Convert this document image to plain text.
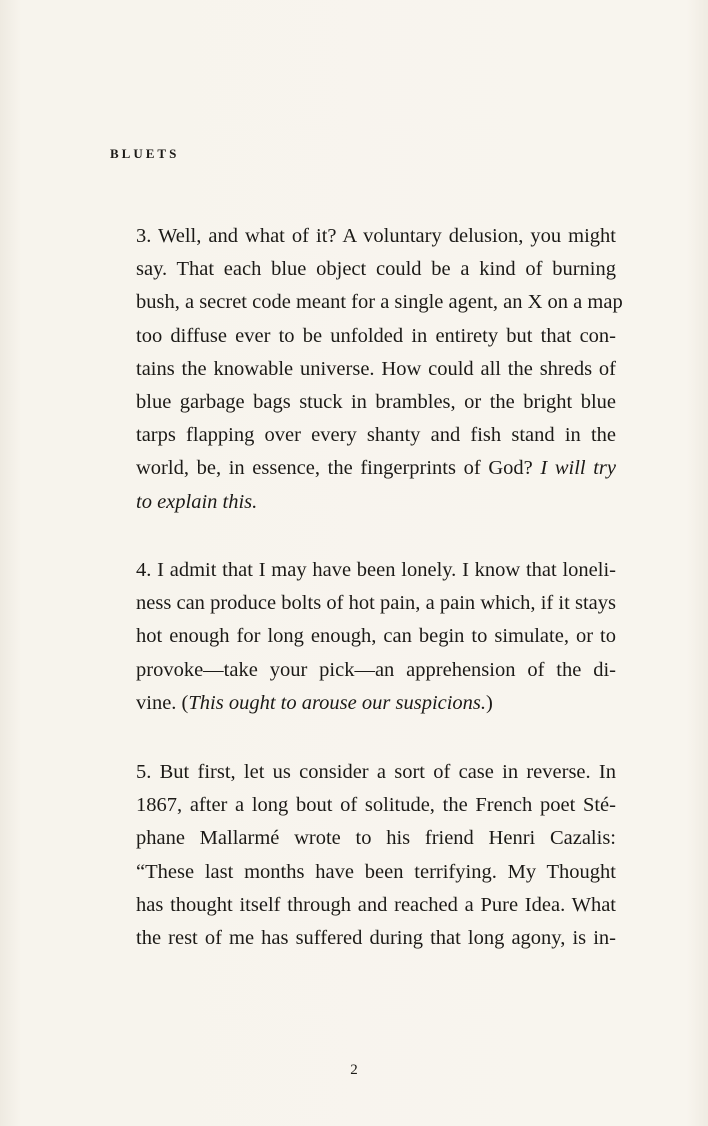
BLUETS
3. Well, and what of it? A voluntary delusion, you might
say. That each blue object could be a kind of burning
bush, a secret code meant for a single agent, an X on a map
too diffuse ever to be unfolded in entirety but that con-
tains the knowable universe. How could all the shreds of
blue garbage bags stuck in brambles, or the bright blue
tarps flapping over every shanty and fish stand in the
world, be, in essence, the fingerprints of God? I will try
to explain this.
4. I admit that I may have been lonely. I know that loneli-
ness can produce bolts of hot pain, a pain which, if it stays
hot enough for long enough, can begin to simulate, or to
provoke—take your pick—an apprehension of the di-
vine. (This ought to arouse our suspicions.)
5. But first, let us consider a sort of case in reverse. In
1867, after a long bout of solitude, the French poet Sté-
phane Mallarmé wrote to his friend Henri Cazalis:
“These last months have been terrifying. My Thought
has thought itself through and reached a Pure Idea. What
the rest of me has suffered during that long agony, is in-
2
